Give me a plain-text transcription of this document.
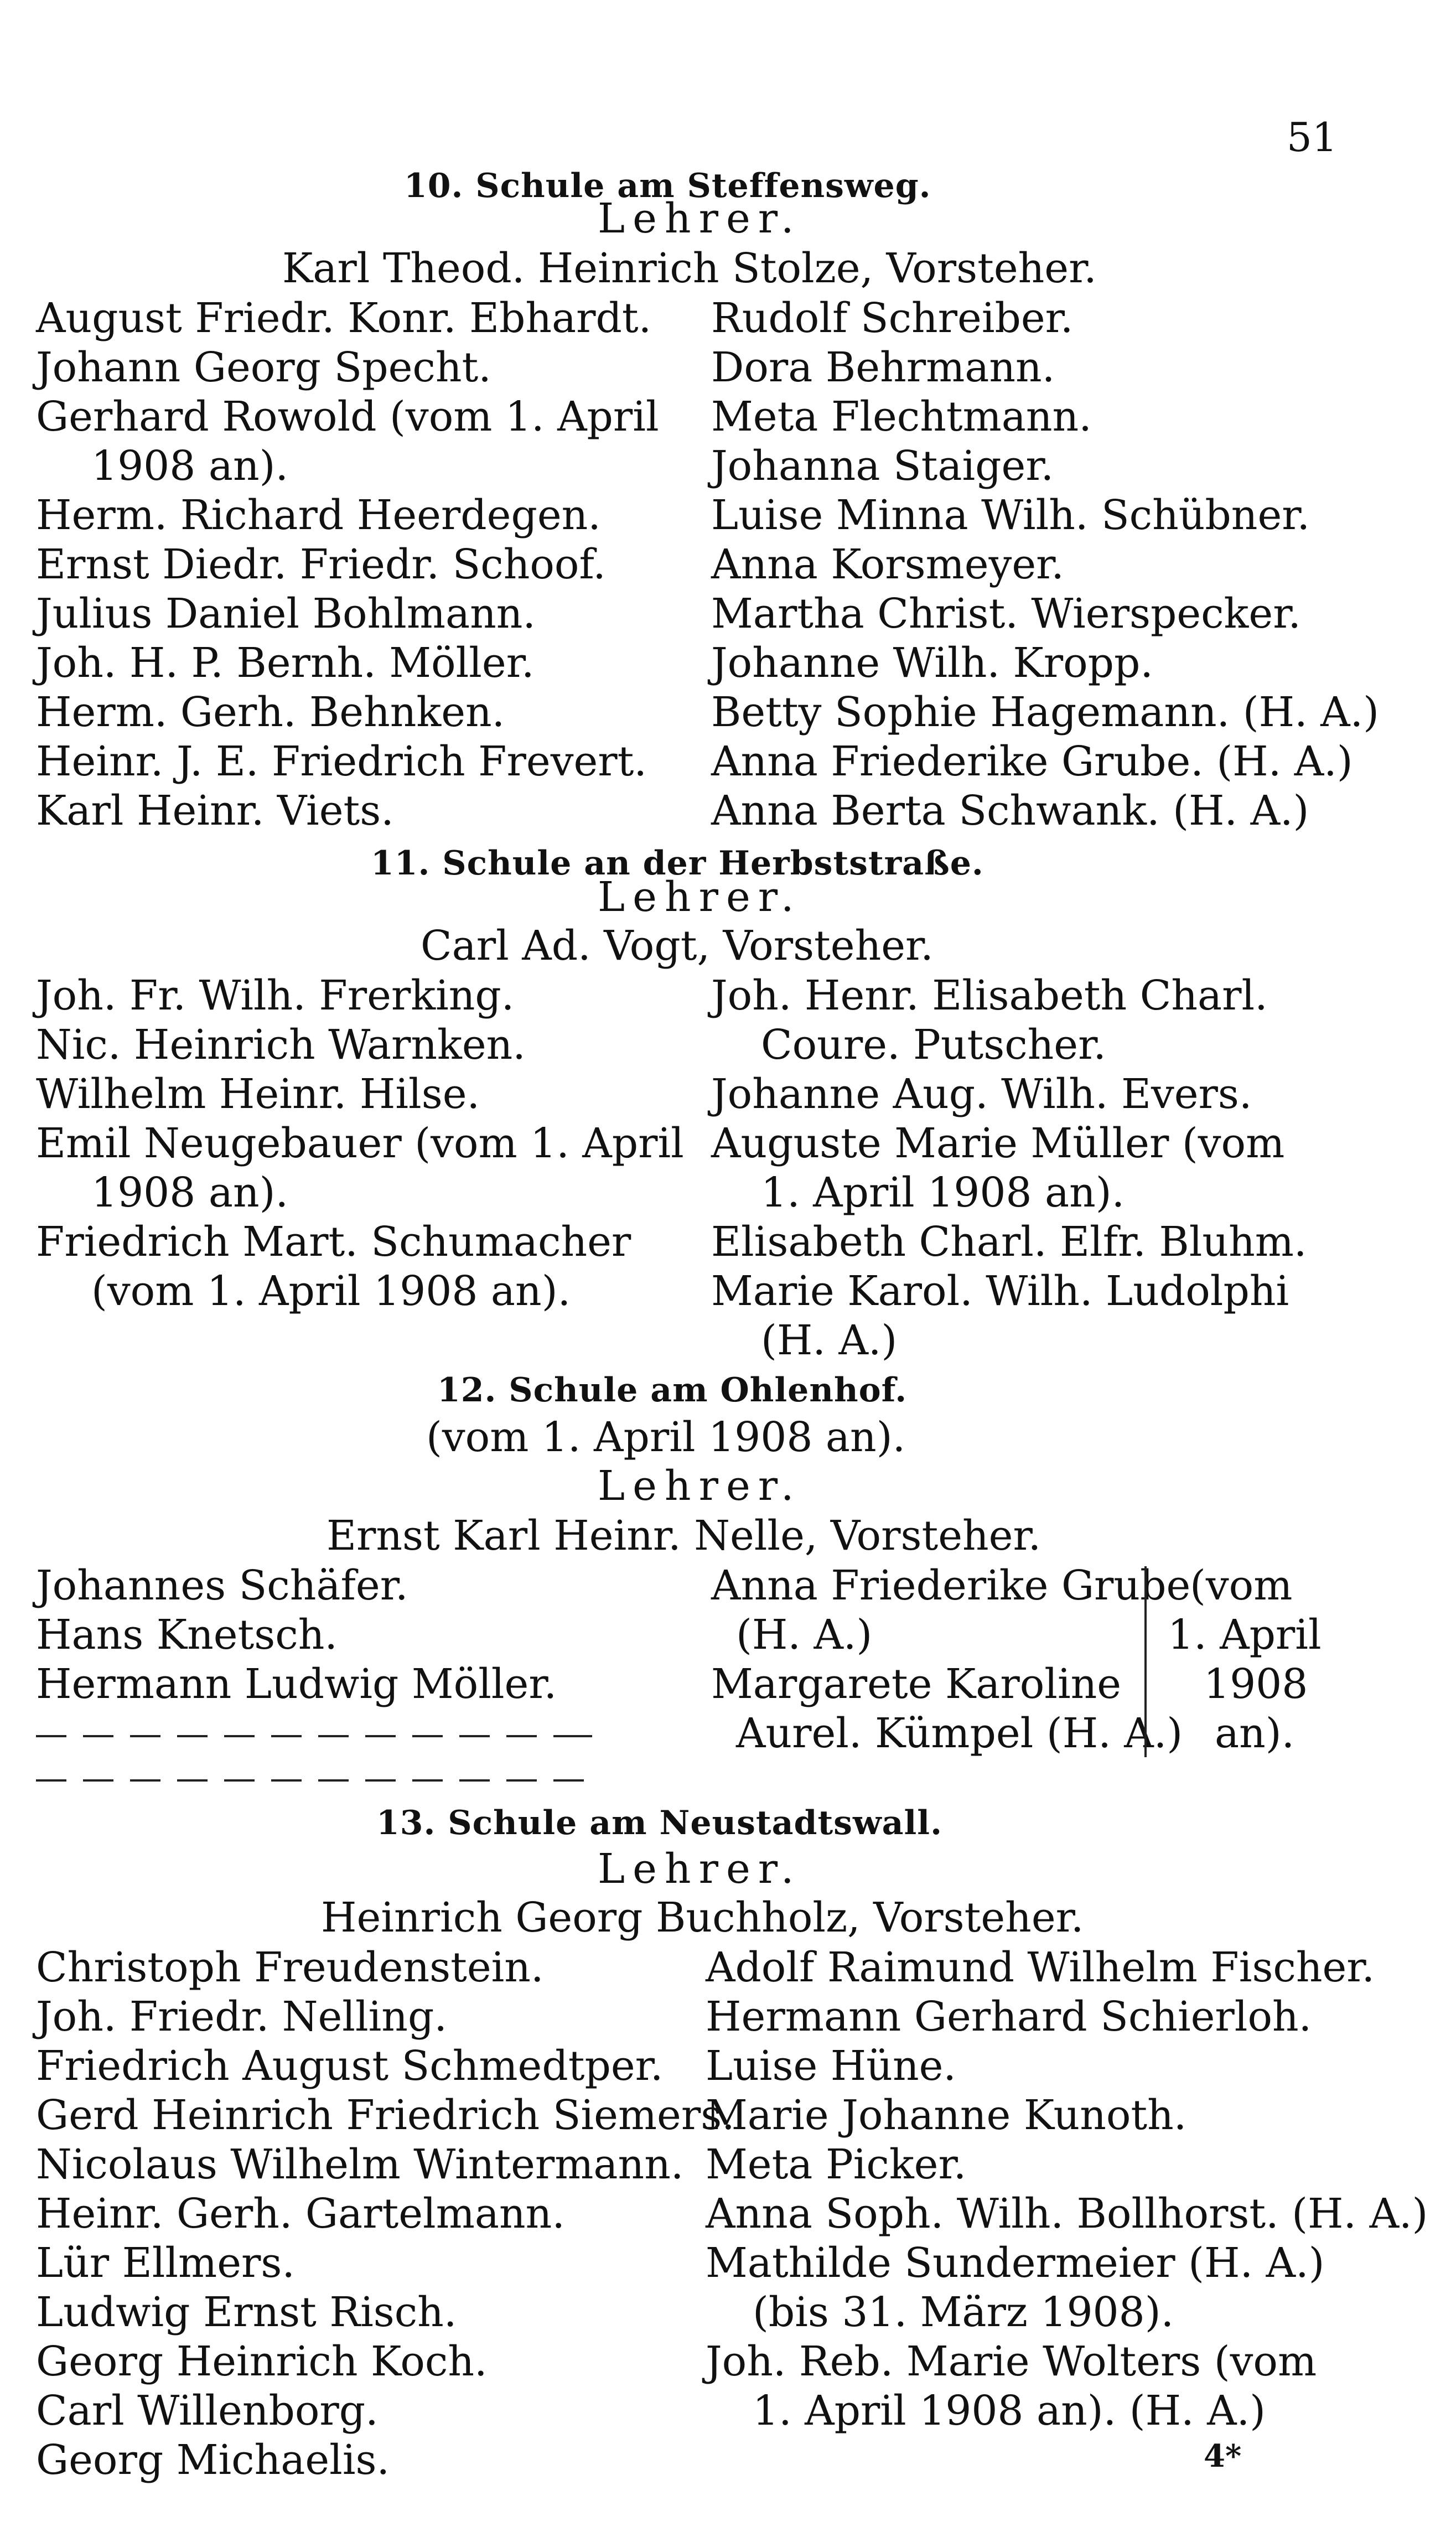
51
10. Schule am Steffensweg.
Lehrer.
Karl Theod. Heinrich Stolze, Vorsteher.
August Friedr. Konr. Ebhardt.
Johann Georg Specht.
Gerhard Rowold (vom 1. April
1908 an).
Herm. Richard Heerdegen.
Ernst Diedr. Friedr. Schoof.
Julius Daniel Bohlmann.
Joh. H. P. Bernh. Möller.
Herm. Gerh. Behnken.
Heinr. J. E. Friedrich Frevert.
Karl Heinr. Viets.
Rudolf Schreiber.
Dora Behrmann.
Meta Flechtmann.
Johanna Staiger.
Luise Minna Wilh. Schübner.
Anna Korsmeyer.
Martha Christ. Wierspecker.
Johanne Wilh. Kropp.
Betty Sophie Hagemann. (H. A.)
Anna Friederike Grube. (H. A.)
Anna Berta Schwank. (H. A.)
11. Schule an der Herbststraße.
Lehrer.
Carl Ad. Vogt, Vorsteher.
Joh. Fr. Wilh. Frerking.
Nic. Heinrich Warnken.
Wilhelm Heinr. Hilse.
Emil Neugebauer (vom 1. April
1908 an).
Friedrich Mart. Schumacher
(vom 1. April 1908 an).
Joh. Henr. Elisabeth Charl.
Coure. Putscher.
Johanne Aug. Wilh. Evers.
Auguste Marie Müller (vom
1. April 1908 an).
Elisabeth Charl. Elfr. Bluhm.
Marie Karol. Wilh. Ludolphi
(H. A.)
12. Schule am Ohlenhof.
(vom 1. April 1908 an).
Lehrer.
Ernst Karl Heinr. Nelle, Vorsteher.
Johannes Schäfer.
Hans Knetsch.
Hermann Ludwig Möller.
Anna Friederike Grube
(H. A.)
Margarete Karoline
Aurel. Kümpel (H. A.)
(vom
1. April
1908
an).
13. Schule am Neustadtswall.
Lehrer.
Heinrich Georg Buchholz, Vorsteher.
Christoph Freudenstein.
Joh. Friedr. Nelling.
Friedrich August Schmedtper.
Gerd Heinrich Friedrich Siemers.
Nicolaus Wilhelm Wintermann.
Heinr. Gerh. Gartelmann.
Lür Ellmers.
Ludwig Ernst Risch.
Georg Heinrich Koch.
Carl Willenborg.
Georg Michaelis.
Adolf Raimund Wilhelm Fischer.
Hermann Gerhard Schierloh.
Luise Hüne.
Marie Johanne Kunoth.
Meta Picker.
Anna Soph. Wilh. Bollhorst. (H. A.)
Mathilde Sundermeier (H. A.)
(bis 31. März 1908).
Joh. Reb. Marie Wolters (vom
1. April 1908 an). (H. A.)
4*
